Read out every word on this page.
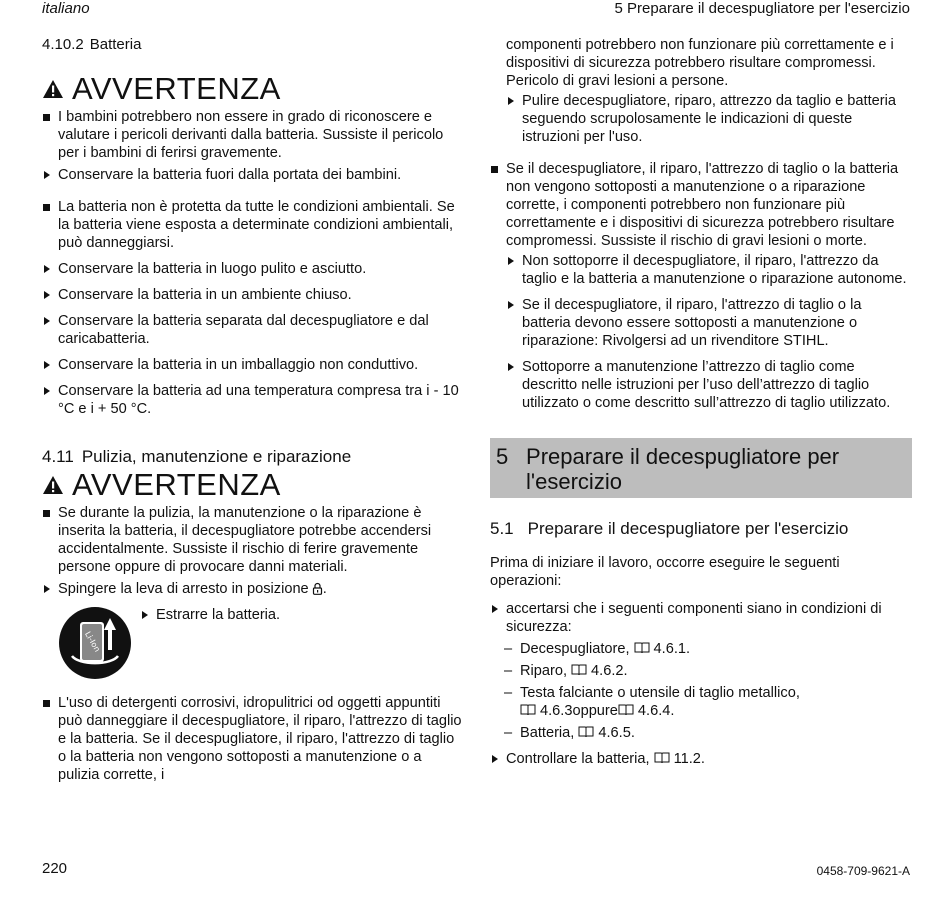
italiano	5 Preparare il decespugliatore per l'esercizio
4.10.2 Batteria
AVVERTENZA
I bambini potrebbero non essere in grado di riconoscere e valutare i pericoli derivanti dalla batteria. Sussiste il pericolo per i bambini di ferirsi gravemente.
Conservare la batteria fuori dalla portata dei bambini.
La batteria non è protetta da tutte le condizioni ambientali. Se la batteria viene esposta a determinate condizioni ambientali, può danneggiarsi.
Conservare la batteria in luogo pulito e asciutto.
Conservare la batteria in un ambiente chiuso.
Conservare la batteria separata dal decespugliatore e dal caricabatteria.
Conservare la batteria in un imballaggio non conduttivo.
Conservare la batteria ad una temperatura compresa tra i - 10 °C e i + 50 °C.
4.11 Pulizia, manutenzione e riparazione
AVVERTENZA
Se durante la pulizia, la manutenzione o la riparazione è inserita la batteria, il decespugliatore potrebbe accendersi accidentalmente. Sussiste il rischio di ferire gravemente persone oppure di provocare danni materiali.
Spingere la leva di arresto in posizione .
Li-Ion
Estrarre la batteria.
L'uso di detergenti corrosivi, idropulitrici od oggetti appuntiti può danneggiare il decespugliatore, il riparo, l'attrezzo di taglio e la batteria. Se il decespugliatore, il riparo, l'attrezzo di taglio o la batteria non vengono sottoposti a manutenzione o a pulizia corrette, i
componenti potrebbero non funzionare più correttamente e i dispositivi di sicurezza potrebbero risultare compromessi. Pericolo di gravi lesioni a persone.
Pulire decespugliatore, riparo, attrezzo da taglio e batteria seguendo scrupolosamente le indicazioni di queste istruzioni per l'uso.
Se il decespugliatore, il riparo, l'attrezzo di taglio o la batteria non vengono sottoposti a manutenzione o a riparazione corrette, i componenti potrebbero non funzionare più correttamente e i dispositivi di sicurezza potrebbero risultare compromessi. Sussiste il rischio di gravi lesioni o morte.
Non sottoporre il decespugliatore, il riparo, l'attrezzo da taglio e la batteria a manutenzione o riparazione autonome.
Se il decespugliatore, il riparo, l'attrezzo di taglio o la batteria devono essere sottoposti a manutenzione o riparazione: Rivolgersi ad un rivenditore STIHL.
Sottoporre a manutenzione l’attrezzo di taglio come descritto nelle istruzioni per l’uso dell’attrezzo di taglio utilizzato o come descritto sull’attrezzo di taglio utilizzato.
5 Preparare il decespugliatore per l'esercizio
5.1 Preparare il decespugliatore per l'esercizio
Prima di iniziare il lavoro, occorre eseguire le seguenti operazioni:
accertarsi che i seguenti componenti siano in condizioni di sicurezza:
– Decespugliatore, 4.6.1.
– Riparo, 4.6.2.
– Testa falciante o utensile di taglio metallico,
4.6.3oppure 4.6.4.
– Batteria, 4.6.5.
Controllare la batteria, 11.2.
220	0458-709-9621-A
